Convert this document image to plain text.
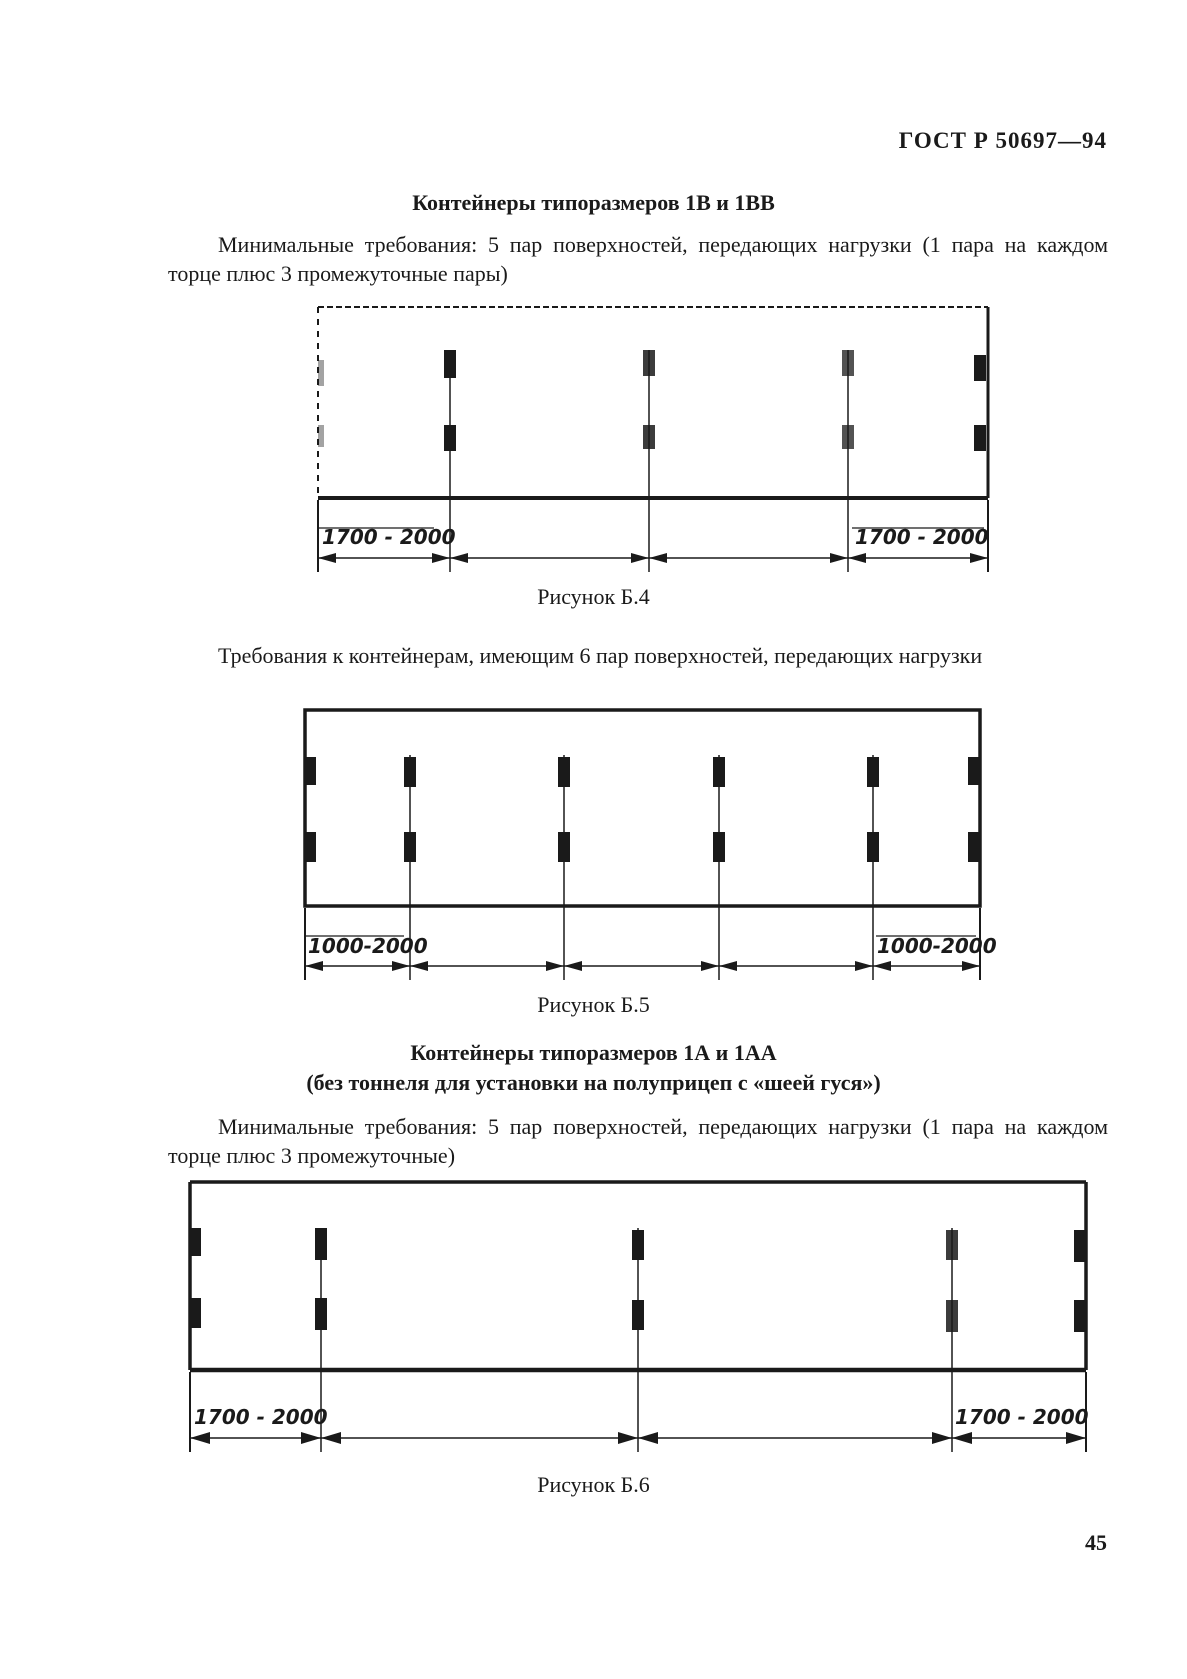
ГОСТ Р 50697—94
Контейнеры типоразмеров 1В и 1ВВ
Минимальные требования: 5 пар поверхностей, передающих нагрузки (1 пара на каждом торце плюс 3 промежуточные пары)
1700 - 2000	1700 - 2000
Рисунок Б.4
Требования к контейнерам, имеющим 6 пар поверхностей, передающих нагрузки
1000-2000	1000-2000
Рисунок Б.5
Контейнеры типоразмеров 1А и 1АА
(без тоннеля для установки на полуприцеп с «шеей гуся»)
Минимальные требования: 5 пар поверхностей, передающих нагрузки (1 пара на каждом торце плюс 3 промежуточные)
1700 - 2000	1700 - 2000
Рисунок Б.6
45
